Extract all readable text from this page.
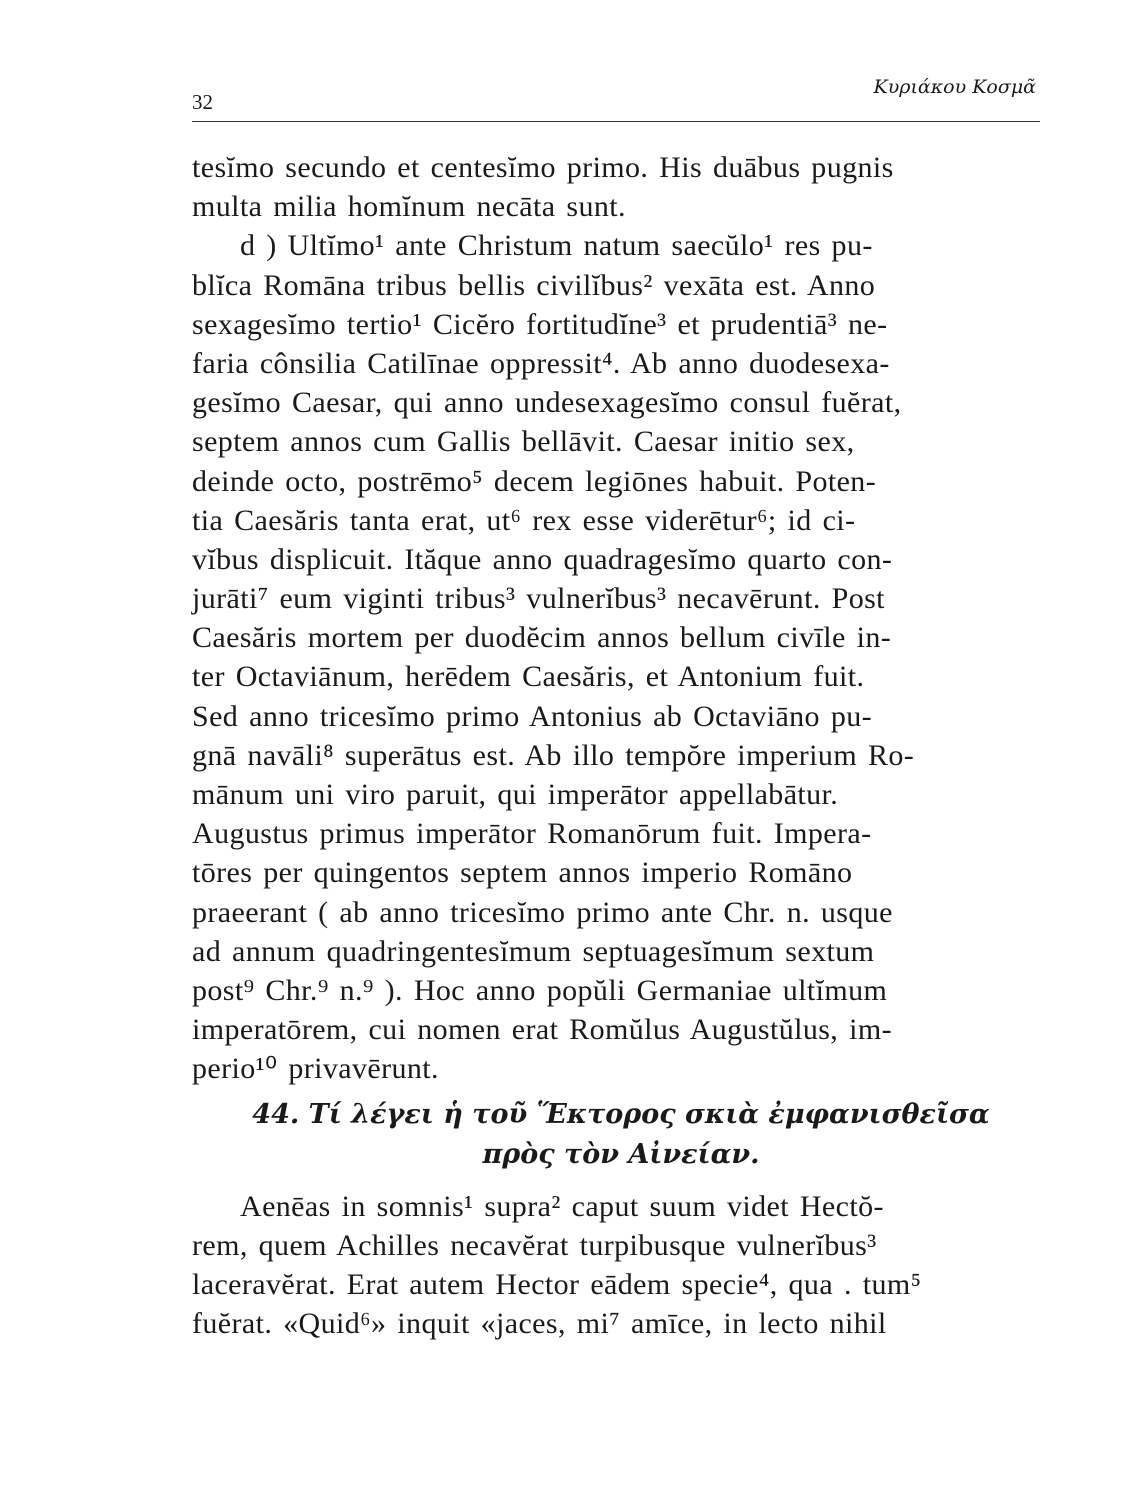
32
Κυριάκου Κοσμᾶ
tesĭmo secundo et centesĭmo primo. His duābus pugnis
multa milia homĭnum necāta sunt.
d ) Ultĭmo¹ ante Christum natum saecŭlo¹ res pu-
blĭca Romāna tribus bellis civilĭbus² vexāta est. Anno
sexagesĭmo tertio¹ Cicĕro fortitudĭne³ et prudentiā³ ne-
faria cônsilia Catilīnae oppressit⁴. Ab anno duodesexa-
gesĭmo Caesar, qui anno undesexagesĭmo consul fuĕrat,
septem annos cum Gallis bellāvit. Caesar initio sex,
deinde octo, postrēmo⁵ decem legiōnes habuit. Poten-
tia Caesăris tanta erat, ut⁶ rex esse viderētur⁶; id ci-
vĭbus displicuit. Ităque anno quadragesĭmo quarto con-
jurāti⁷ eum viginti tribus³ vulnerĭbus³ necavērunt. Post
Caesăris mortem per duodĕcim annos bellum civīle in-
ter Octaviānum, herēdem Caesăris, et Antonium fuit.
Sed anno tricesĭmo primo Antonius ab Octaviāno pu-
gnā navāli⁸ superātus est. Ab illo tempŏre imperium Ro-
mānum uni viro paruit, qui imperātor appellabātur.
Augustus primus imperātor Romanōrum fuit. Impera-
tōres per quingentos septem annos imperio Romāno
praeerant ( ab anno tricesĭmo primo ante Chr. n. usque
ad annum quadringentesĭmum septuagesĭmum sextum
post⁹ Chr.⁹ n.⁹ ). Hoc anno popŭli Germaniae ultĭmum
imperatōrem, cui nomen erat Romŭlus Augustŭlus, im-
perio¹⁰ privavērunt.
44. Τί λέγει ἡ τοῦ Ἕκτορος σκιὰ ἐμφανισθεῖσα
πρὸς τὸν Αἰνείαν.
Aenēas in somnis¹ supra² caput suum videt Hectŏ-
rem, quem Achilles necavĕrat turpibusque vulnerĭbus³
laceravĕrat. Erat autem Hector eādem specie⁴, qua . tum⁵
fuĕrat. «Quid⁶» inquit «jaces, mi⁷ amīce, in lecto nihil
